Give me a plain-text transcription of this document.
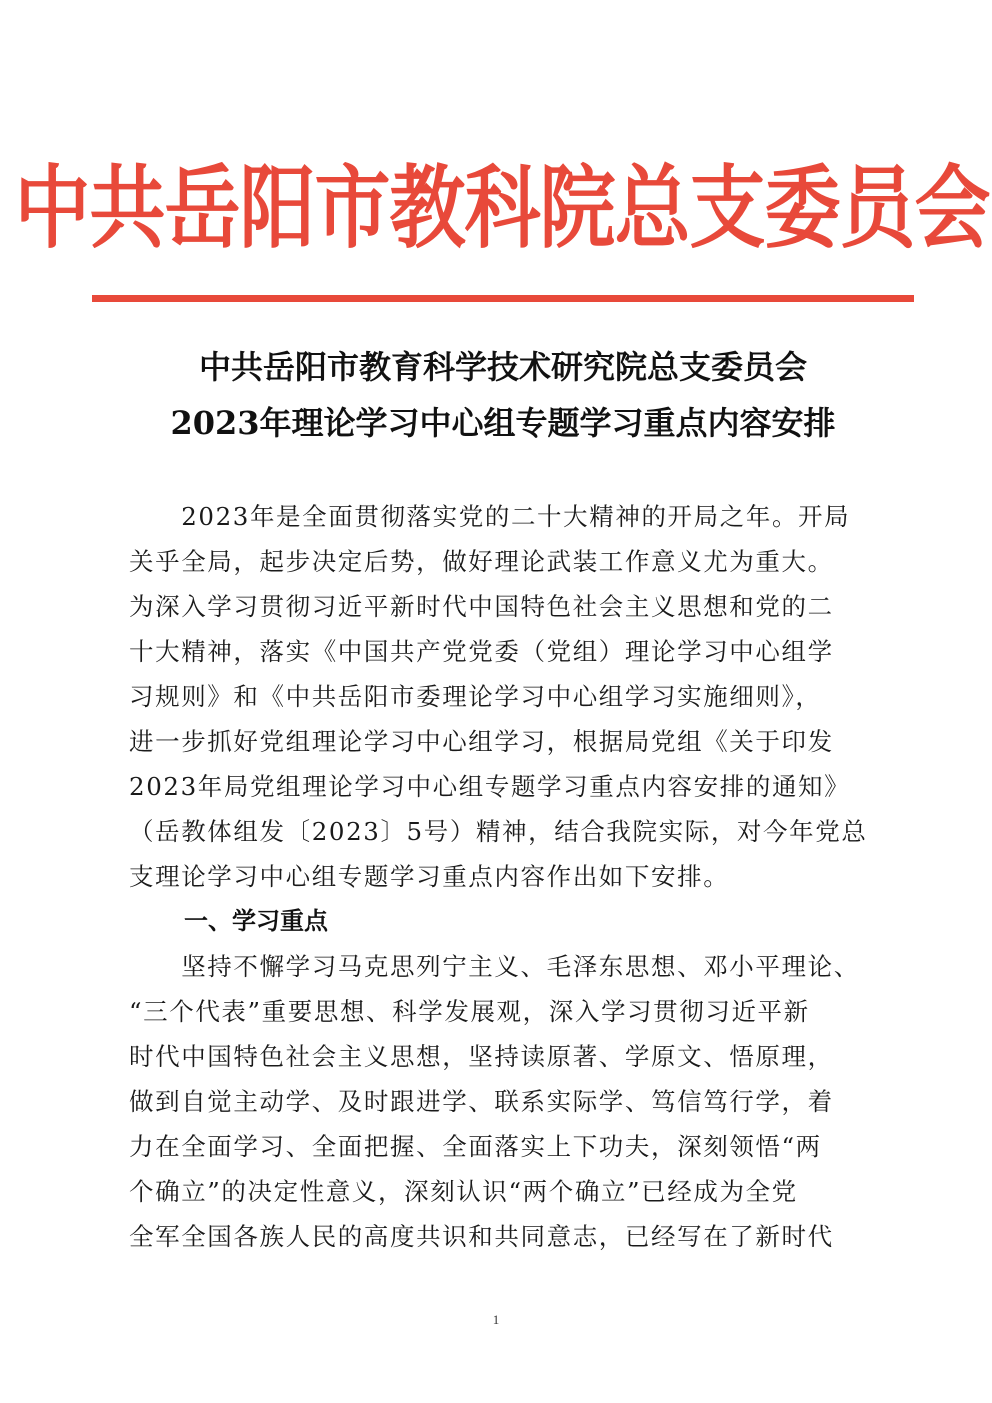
中共岳阳市教科院总支委员会
中共岳阳市教育科学技术研究院总支委员会
2023年理论学习中心组专题学习重点内容安排
　　2023年是全面贯彻落实党的二十大精神的开局之年。开局
关乎全局，起步决定后势，做好理论武装工作意义尤为重大。
为深入学习贯彻习近平新时代中国特色社会主义思想和党的二
十大精神，落实《中国共产党党委（党组）理论学习中心组学
习规则》和《中共岳阳市委理论学习中心组学习实施细则》，
进一步抓好党组理论学习中心组学习，根据局党组《关于印发
2023年局党组理论学习中心组专题学习重点内容安排的通知》
（岳教体组发〔2023〕5号）精神，结合我院实际，对今年党总
支理论学习中心组专题学习重点内容作出如下安排。
一、学习重点
　　坚持不懈学习马克思列宁主义、毛泽东思想、邓小平理论、
“三个代表”重要思想、科学发展观，深入学习贯彻习近平新
时代中国特色社会主义思想，坚持读原著、学原文、悟原理，
做到自觉主动学、及时跟进学、联系实际学、笃信笃行学，着
力在全面学习、全面把握、全面落实上下功夫，深刻领悟“两
个确立”的决定性意义，深刻认识“两个确立”已经成为全党
全军全国各族人民的高度共识和共同意志，已经写在了新时代
1
